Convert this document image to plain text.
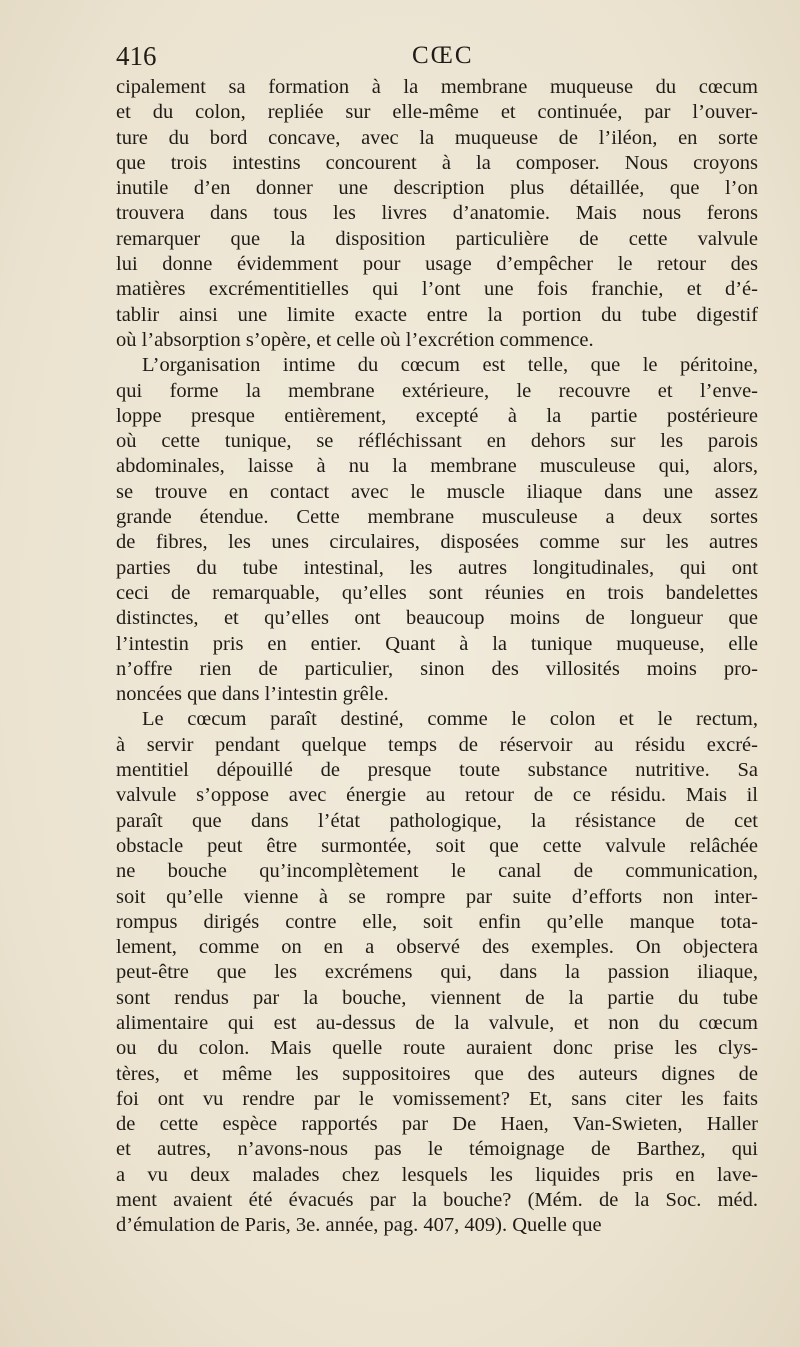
416	CŒC
cipalement sa formation à la membrane muqueuse du cœcum
et du colon, repliée sur elle-même et continuée, par l’ouver-
ture du bord concave, avec la muqueuse de l’iléon, en sorte
que trois intestins concourent à la composer. Nous croyons
inutile d’en donner une description plus détaillée, que l’on
trouvera dans tous les livres d’anatomie. Mais nous ferons
remarquer que la disposition particulière de cette valvule
lui donne évidemment pour usage d’empêcher le retour des
matières excrémentitielles qui l’ont une fois franchie, et d’é-
tablir ainsi une limite exacte entre la portion du tube digestif
où l’absorption s’opère, et celle où l’excrétion commence.
L’organisation intime du cœcum est telle, que le péritoine,
qui forme la membrane extérieure, le recouvre et l’enve-
loppe presque entièrement, excepté à la partie postérieure
où cette tunique, se réfléchissant en dehors sur les parois
abdominales, laisse à nu la membrane musculeuse qui, alors,
se trouve en contact avec le muscle iliaque dans une assez
grande étendue. Cette membrane musculeuse a deux sortes
de fibres, les unes circulaires, disposées comme sur les autres
parties du tube intestinal, les autres longitudinales, qui ont
ceci de remarquable, qu’elles sont réunies en trois bandelettes
distinctes, et qu’elles ont beaucoup moins de longueur que
l’intestin pris en entier. Quant à la tunique muqueuse, elle
n’offre rien de particulier, sinon des villosités moins pro-
noncées que dans l’intestin grêle.
Le cœcum paraît destiné, comme le colon et le rectum,
à servir pendant quelque temps de réservoir au résidu excré-
mentitiel dépouillé de presque toute substance nutritive. Sa
valvule s’oppose avec énergie au retour de ce résidu. Mais il
paraît que dans l’état pathologique, la résistance de cet
obstacle peut être surmontée, soit que cette valvule relâchée
ne bouche qu’incomplètement le canal de communication,
soit qu’elle vienne à se rompre par suite d’efforts non inter-
rompus dirigés contre elle, soit enfin qu’elle manque tota-
lement, comme on en a observé des exemples. On objectera
peut-être que les excrémens qui, dans la passion iliaque,
sont rendus par la bouche, viennent de la partie du tube
alimentaire qui est au-dessus de la valvule, et non du cœcum
ou du colon. Mais quelle route auraient donc prise les clys-
tères, et même les suppositoires que des auteurs dignes de
foi ont vu rendre par le vomissement? Et, sans citer les faits
de cette espèce rapportés par De Haen, Van-Swieten, Haller
et autres, n’avons-nous pas le témoignage de Barthez, qui
a vu deux malades chez lesquels les liquides pris en lave-
ment avaient été évacués par la bouche? (Mém. de la Soc. méd.
d’émulation de Paris, 3e. année, pag. 407, 409). Quelle que
